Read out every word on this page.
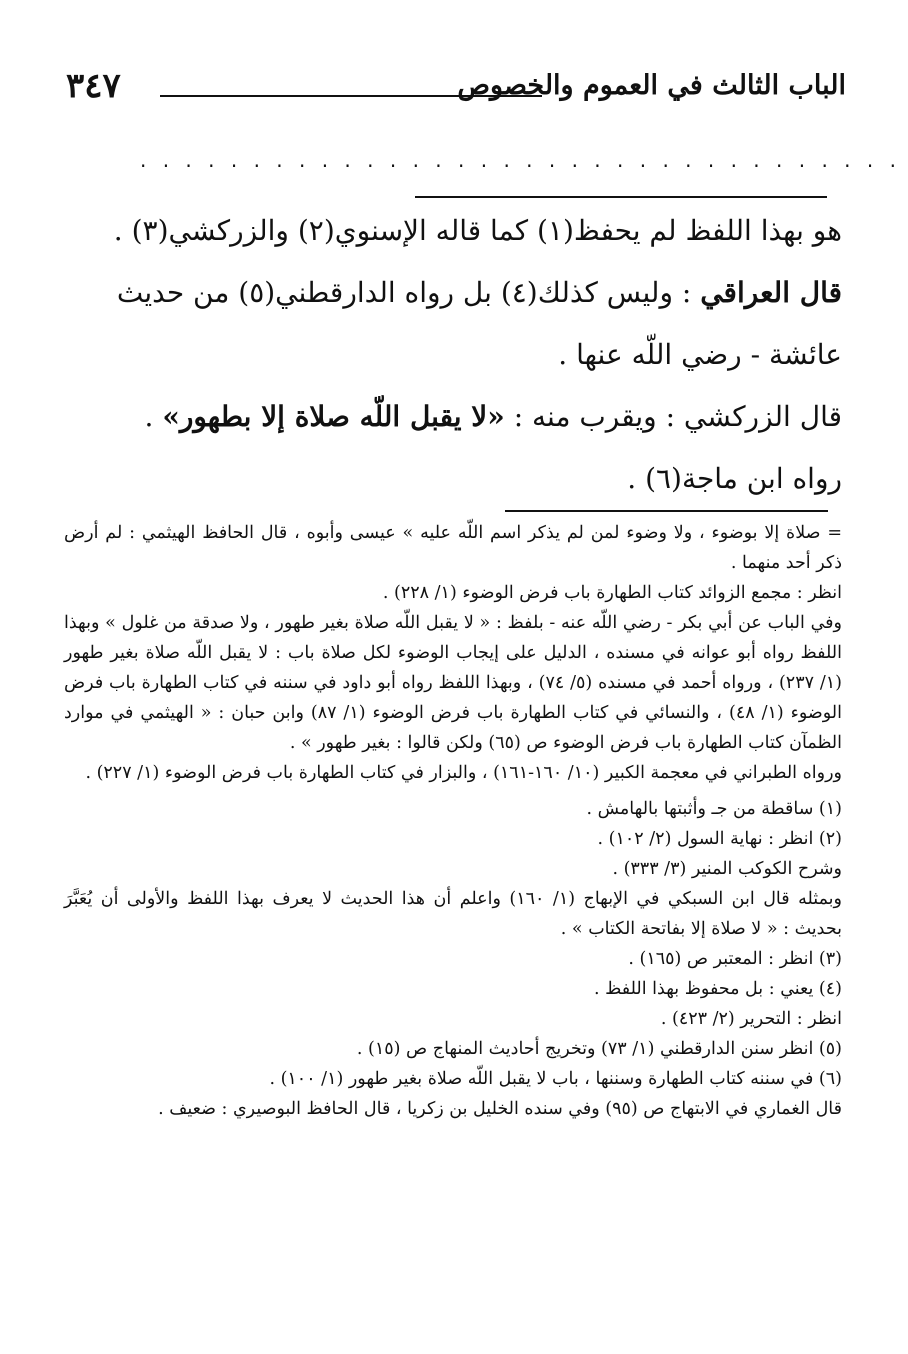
٣٤٧	الباب الثالث في العموم والخصوص
· · · · · · · · · · · · · · · · · · · · · · · · · · · · · · · · · ·

هو بهذا اللفظ لم يحفظ(١) كما قاله الإسنوي(٢) والزركشي(٣) .

قال العراقي : وليس كذلك(٤) بل رواه الدارقطني(٥) من حديث عائشة - رضي اللّه عنها .

قال الزركشي : ويقرب منه : «لا يقبل اللّه صلاة إلا بطهور» .

رواه ابن ماجة(٦) .

= صلاة إلا بوضوء ، ولا وضوء لمن لم يذكر اسم اللّه عليه » عيسى وأبوه ، قال الحافظ الهيثمي : لم أرض ذكر أحد منهما .

انظر : مجمع الزوائد كتاب الطهارة باب فرض الوضوء (١/ ٢٢٨) .

وفي الباب عن أبي بكر - رضي اللّه عنه - بلفظ : « لا يقبل اللّه صلاة بغير طهور ، ولا صدقة من غلول » وبهذا اللفظ رواه أبو عوانه في مسنده ، الدليل على إيجاب الوضوء لكل صلاة باب : لا يقبل اللّه صلاة بغير طهور (١/ ٢٣٧) ، ورواه أحمد في مسنده (٥/ ٧٤) ، وبهذا اللفظ رواه أبو داود في سننه في كتاب الطهارة باب فرض الوضوء (١/ ٤٨) ، والنسائي في كتاب الطهارة باب فرض الوضوء (١/ ٨٧) وابن حبان : « الهيثمي في موارد الظمآن كتاب الطهارة باب فرض الوضوء ص (٦٥) ولكن قالوا : بغير طهور » .

ورواه الطبراني في معجمة الكبير (١٠/ ١٦٠-١٦١) ، والبزار في كتاب الطهارة باب فرض الوضوء (١/ ٢٢٧) .

(١) ساقطة من جـ وأثبتها بالهامش .

(٢) انظر : نهاية السول (٢/ ١٠٢) .

وشرح الكوكب المنير (٣/ ٣٣٣) .

وبمثله قال ابن السبكي في الإبهاج (١/ ١٦٠) واعلم أن هذا الحديث لا يعرف بهذا اللفظ والأولى أن يُعَبَّرَ بحديث : « لا صلاة إلا بفاتحة الكتاب » .

(٣) انظر : المعتبر ص (١٦٥) .

(٤) يعني : بل محفوظ بهذا اللفظ .

انظر : التحرير (٢/ ٤٢٣) .

(٥) انظر سنن الدارقطني (١/ ٧٣) وتخريج أحاديث المنهاج ص (١٥) .

(٦) في سننه كتاب الطهارة وسننها ، باب لا يقبل اللّه صلاة بغير طهور (١/ ١٠٠) .

قال الغماري في الابتهاج ص (٩٥) وفي سنده الخليل بن زكريا ، قال الحافظ البوصيري : ضعيف .
